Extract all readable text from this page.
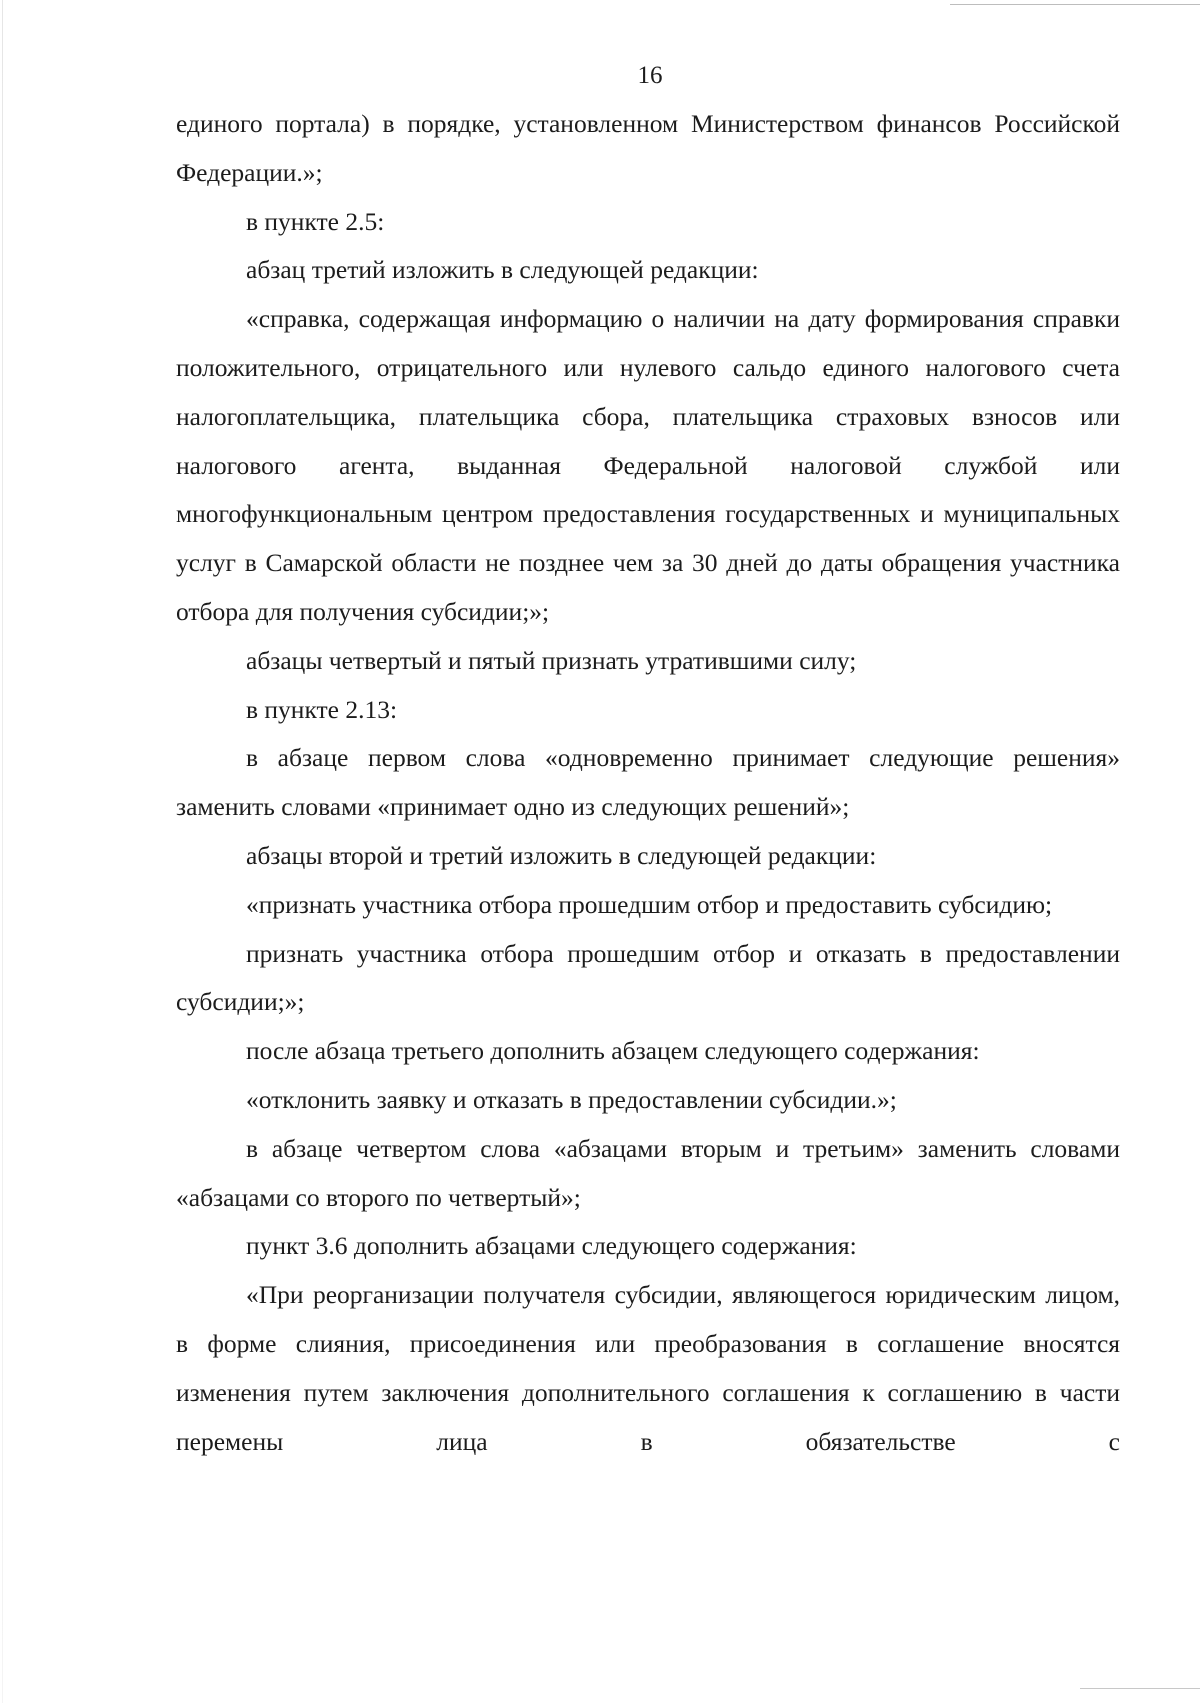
16

единого портала) в порядке, установленном Министерством финансов Российской Федерации.»;

в пункте 2.5:

абзац третий изложить в следующей редакции:

«справка, содержащая информацию о наличии на дату формирования справки положительного, отрицательного или нулевого сальдо единого налогового счета налогоплательщика, плательщика сбора, плательщика страховых взносов или налогового агента, выданная Федеральной налоговой службой или многофункциональным центром предоставления государственных и муниципальных услуг в Самарской области не позднее чем за 30 дней до даты обращения участника отбора для получения субсидии;»;

абзацы четвертый и пятый признать утратившими силу;

в пункте 2.13:

в абзаце первом слова «одновременно принимает следующие решения» заменить словами «принимает одно из следующих решений»;

абзацы второй и третий изложить в следующей редакции:

«признать участника отбора прошедшим отбор и предоставить субсидию;

признать участника отбора прошедшим отбор и отказать в предоставлении субсидии;»;

после абзаца третьего дополнить абзацем следующего содержания:

«отклонить заявку и отказать в предоставлении субсидии.»;

в абзаце четвертом слова «абзацами вторым и третьим» заменить словами «абзацами со второго по четвертый»;

пункт 3.6 дополнить абзацами следующего содержания:

«При реорганизации получателя субсидии, являющегося юридическим лицом, в форме слияния, присоединения или преобразования в соглашение вносятся изменения путем заключения дополнительного соглашения к соглашению в части перемены лица в обязательстве с
